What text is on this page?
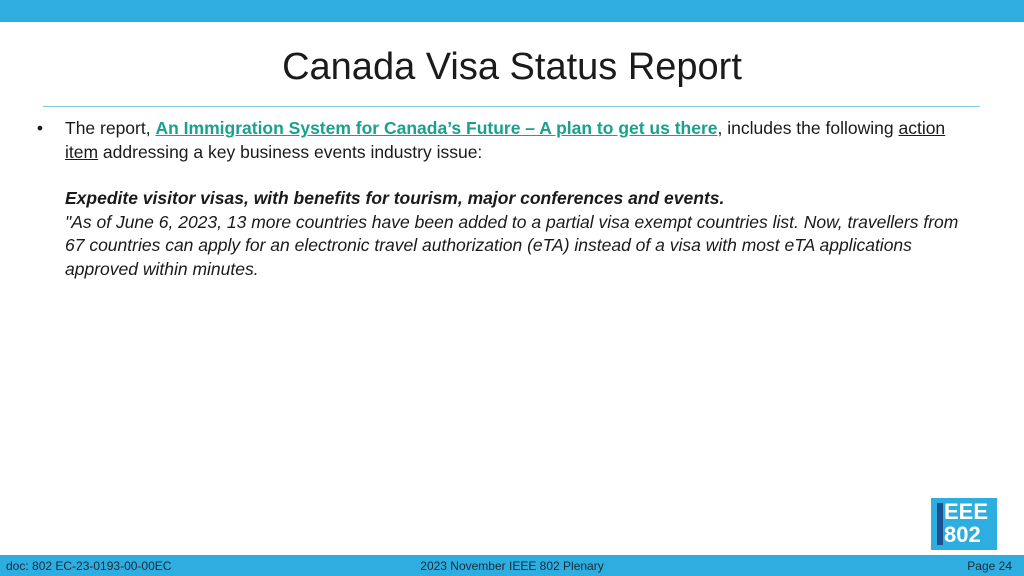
Canada Visa Status Report
•	The report, An Immigration System for Canada’s Future – A plan to get us there, includes the following action item addressing a key business events industry issue:
Expedite visitor visas, with benefits for tourism, major conferences and events.
"As of June 6, 2023, 13 more countries have been added to a partial visa exempt countries list. Now, travellers from 67 countries can apply for an electronic travel authorization (eTA) instead of a visa with most eTA applications approved within minutes.
EEE
802
doc: 802 EC-23-0193-00-00EC	2023 November IEEE 802 Plenary	Page 24
